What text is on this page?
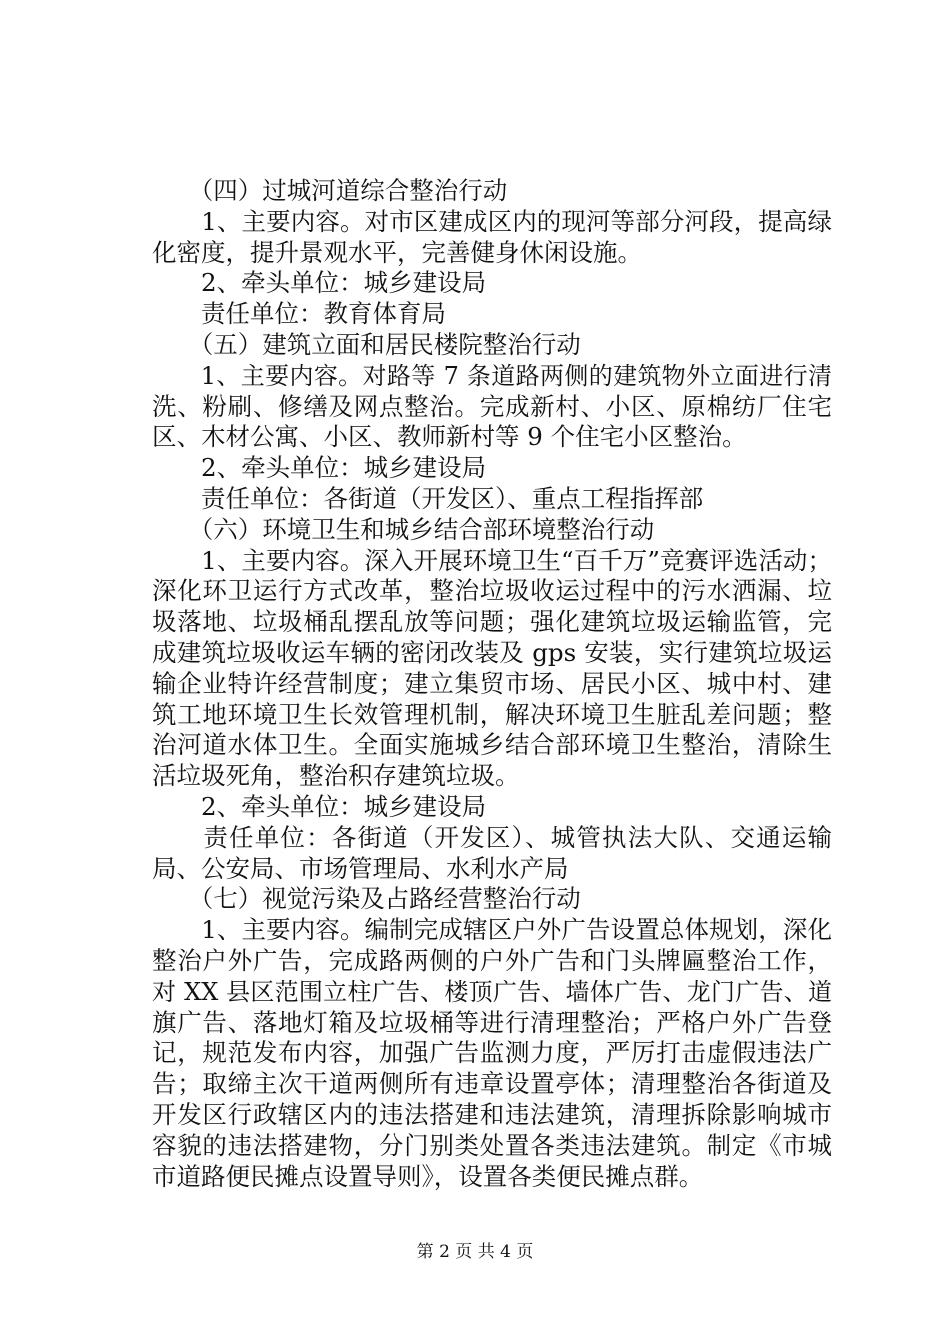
　　（四）过城河道综合整治行动
　　1、主要内容。对市区建成区内的现河等部分河段，提高绿
化密度，提升景观水平，完善健身休闲设施。
　　2、牵头单位：城乡建设局
　　责任单位：教育体育局
　　（五）建筑立面和居民楼院整治行动
　　1、主要内容。对路等 7 条道路两侧的建筑物外立面进行清
洗、粉刷、修缮及网点整治。完成新村、小区、原棉纺厂住宅
区、木材公寓、小区、教师新村等 9 个住宅小区整治。
　　2、牵头单位：城乡建设局
　　责任单位：各街道（开发区）、重点工程指挥部
　　（六）环境卫生和城乡结合部环境整治行动
　　1、主要内容。深入开展环境卫生“百千万”竞赛评选活动；
深化环卫运行方式改革，整治垃圾收运过程中的污水洒漏、垃
圾落地、垃圾桶乱摆乱放等问题；强化建筑垃圾运输监管，完
成建筑垃圾收运车辆的密闭改装及 gps 安装，实行建筑垃圾运
输企业特许经营制度；建立集贸市场、居民小区、城中村、建
筑工地环境卫生长效管理机制，解决环境卫生脏乱差问题；整
治河道水体卫生。全面实施城乡结合部环境卫生整治，清除生
活垃圾死角，整治积存建筑垃圾。
　　2、牵头单位：城乡建设局
　　责任单位：各街道（开发区）、城管执法大队、交通运输
局、公安局、市场管理局、水利水产局
　　（七）视觉污染及占路经营整治行动
　　1、主要内容。编制完成辖区户外广告设置总体规划，深化
整治户外广告，完成路两侧的户外广告和门头牌匾整治工作，
对 XX 县区范围立柱广告、楼顶广告、墙体广告、龙门广告、道
旗广告、落地灯箱及垃圾桶等进行清理整治；严格户外广告登
记，规范发布内容，加强广告监测力度，严厉打击虚假违法广
告；取缔主次干道两侧所有违章设置亭体；清理整治各街道及
开发区行政辖区内的违法搭建和违法建筑，清理拆除影响城市
容貌的违法搭建物，分门别类处置各类违法建筑。制定《市城
市道路便民摊点设置导则》，设置各类便民摊点群。
第 2 页 共 4 页
